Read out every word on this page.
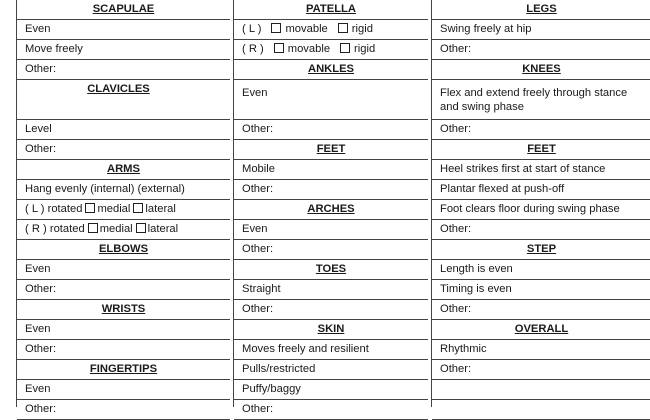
SCAPULAE
Even
Move freely
Other:
CLAVICLES
Level
Other:
ARMS
Hang evenly (internal) (external)
( L ) rotated medial lateral
( R ) rotated medial lateral
ELBOWS
Even
Other:
WRISTS
Even
Other:
FINGERTIPS
Even
Other:
PATELLA
( L ) movable rigid
( R ) movable rigid
ANKLES
Even
Other:
FEET
Mobile
Other:
ARCHES
Even
Other:
TOES
Straight
Other:
SKIN
Moves freely and resilient
Pulls/restricted
Puffy/baggy
Other:
LEGS
Swing freely at hip
Other:
KNEES
Flex and extend freely through stance and swing phase
Other:
FEET
Heel strikes first at start of stance
Plantar flexed at push-off
Foot clears floor during swing phase
Other:
STEP
Length is even
Timing is even
Other:
OVERALL
Rhythmic
Other:
